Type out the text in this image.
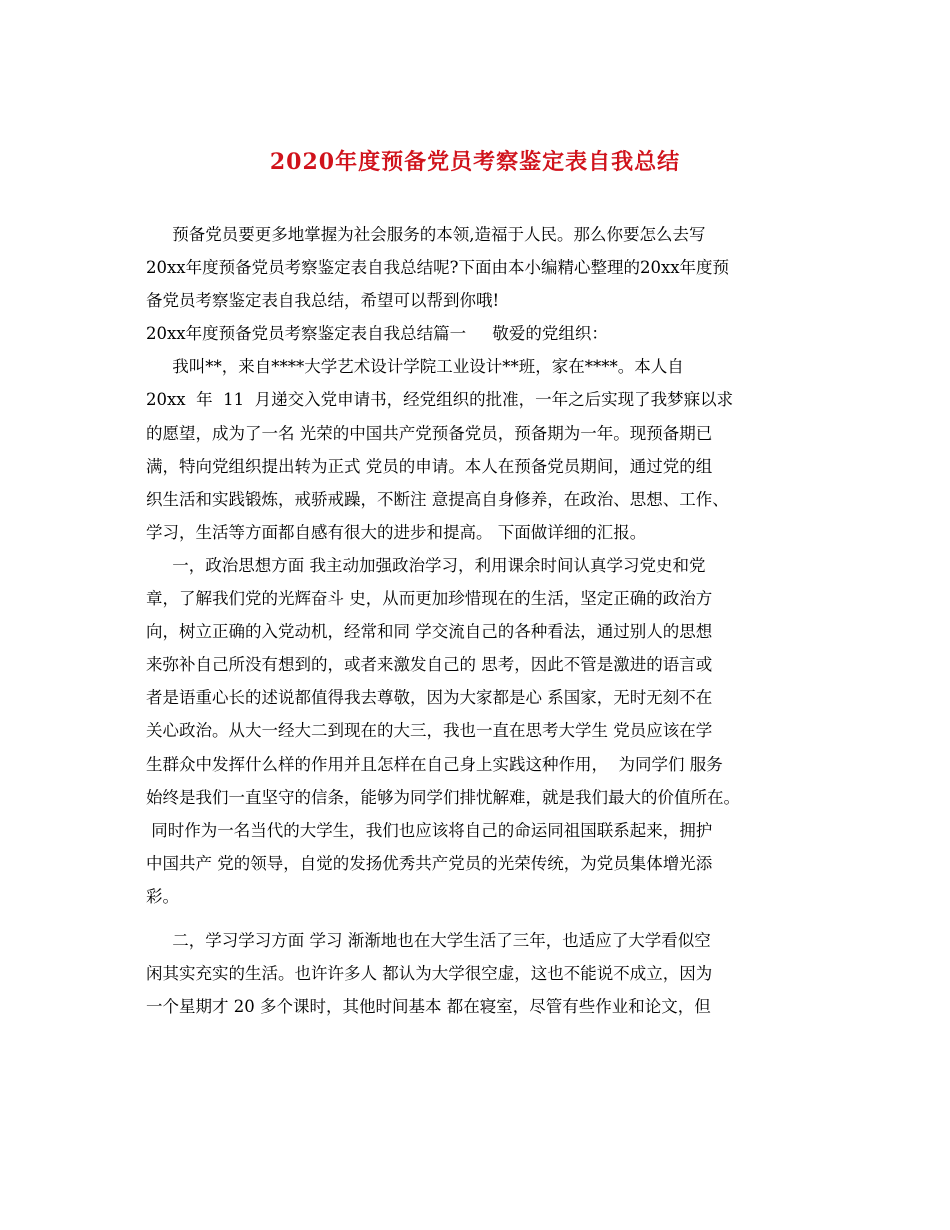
2020年度预备党员考察鉴定表自我总结
预备党员要更多地掌握为社会服务的本领,造福于人民。那么你要怎么去写
20xx年度预备党员考察鉴定表自我总结呢?下面由本小编精心整理的20xx年度预
备党员考察鉴定表自我总结，希望可以帮到你哦!
20xx年度预备党员考察鉴定表自我总结篇一     敬爱的党组织：
我叫**，来自****大学艺术设计学院工业设计**班，家在****。本人自
20xx  年  11  月递交入党申请书，经党组织的批准，一年之后实现了我梦寐以求
的愿望，成为了一名 光荣的中国共产党预备党员，预备期为一年。现预备期已
满，特向党组织提出转为正式 党员的申请。本人在预备党员期间，通过党的组
织生活和实践锻炼，戒骄戒躁，不断注 意提高自身修养，在政治、思想、工作、
学习，生活等方面都自感有很大的进步和提高。 下面做详细的汇报。
一，政治思想方面 我主动加强政治学习，利用课余时间认真学习党史和党
章，了解我们党的光辉奋斗 史，从而更加珍惜现在的生活，坚定正确的政治方
向，树立正确的入党动机，经常和同 学交流自己的各种看法，通过别人的思想
来弥补自己所没有想到的，或者来激发自己的 思考，因此不管是激进的语言或
者是语重心长的述说都值得我去尊敬，因为大家都是心 系国家，无时无刻不在
关心政治。从大一经大二到现在的大三，我也一直在思考大学生 党员应该在学
生群众中发挥什么样的作用并且怎样在自己身上实践这种作用，  为同学们 服务
始终是我们一直坚守的信条，能够为同学们排忧解难，就是我们最大的价值所在。
同时作为一名当代的大学生，我们也应该将自己的命运同祖国联系起来，拥护
中国共产 党的领导，自觉的发扬优秀共产党员的光荣传统，为党员集体增光添
彩。
二，学习学习方面 学习 渐渐地也在大学生活了三年，也适应了大学看似空
闲其实充实的生活。也许许多人 都认为大学很空虚，这也不能说不成立，因为
一个星期才 20 多个课时，其他时间基本 都在寝室，尽管有些作业和论文，但
